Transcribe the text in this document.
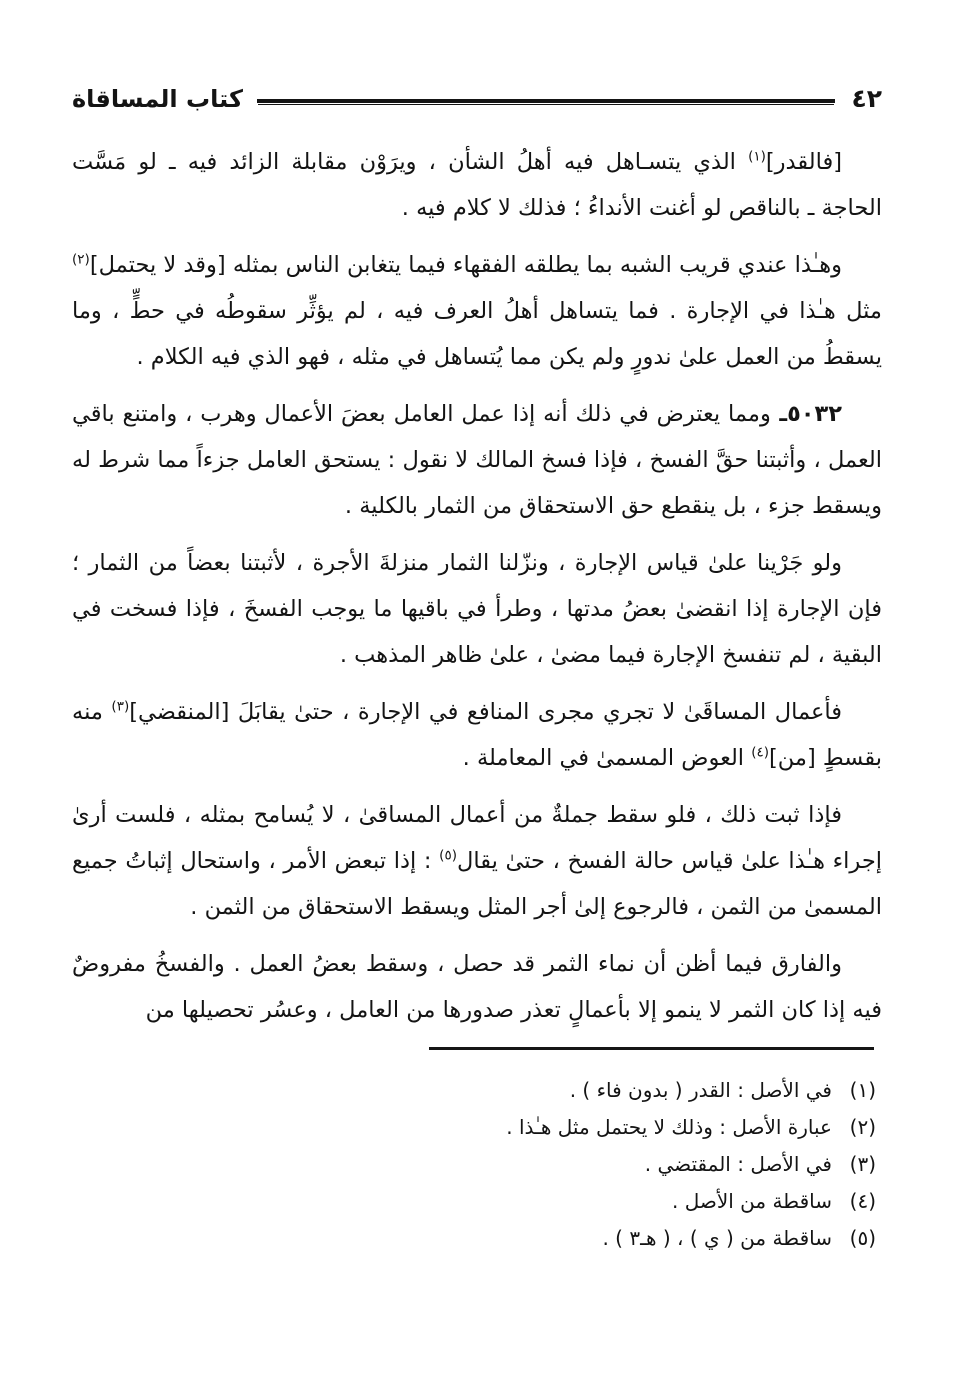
٤٢
كتاب المساقاة

[فالقدر]$^{(١)}$ الذي يتسـاهل فيه أهلُ الشأن ، ويرَوْن مقابلة الزائد فيه ـ لو مَسَّت الحاجة ـ بالناقص لو أغنت الأنداءُ ؛ فذلك لا كلام فيه .

وهـٰذا عندي قريب الشبه بما يطلقه الفقهاء فيما يتغابن الناس بمثله [وقد لا يحتمل]$^{(٢)}$ مثل هـٰذا في الإجارة . فما يتساهل أهلُ العرف فيه ، لم يؤثِّر سقوطُه في حطٍّ ، وما يسقطُ من العمل علىٰ ندورٍ ولم يكن مما يُتساهل في مثله ، فهو الذي فيه الكلام .

٥٠٣٢ـ ومما يعترض في ذلك أنه إذا عمل العامل بعضَ الأعمال وهرب ، وامتنع باقي العمل ، وأثبتنا حقَّ الفسخ ، فإذا فسخ المالك لا نقول : يستحق العامل جزءاً مما شرط له ويسقط جزء ، بل ينقطع حق الاستحقاق من الثمار بالكلية .

ولو جَرْينا علىٰ قياس الإجارة ، ونزّلنا الثمار منزلةَ الأجرة ، لأثبتنا بعضاً من الثمار ؛ فإن الإجارة إذا انقضىٰ بعضُ مدتها ، وطرأ في باقيها ما يوجب الفسخَ ، فإذا فسخت في البقية ، لم تنفسخ الإجارة فيما مضىٰ ، علىٰ ظاهر المذهب .

فأعمال المساقَىٰ لا تجري مجرى المنافع في الإجارة ، حتىٰ يقابَلَ [المنقضي]$^{(٣)}$ منه بقسطٍ [من]$^{(٤)}$ العوض المسمىٰ في المعاملة .

فإذا ثبت ذلك ، فلو سقط جملةٌ من أعمال المساقىٰ ، لا يُسامح بمثله ، فلست أرىٰ إجراء هـٰذا علىٰ قياس حالة الفسخ ، حتىٰ يقال$^{(٥)}$ : إذا تبعض الأمر ، واستحال إثباتُ جميع المسمىٰ من الثمن ، فالرجوع إلىٰ أجر المثل ويسقط الاستحقاق من الثمن .

والفارق فيما أظن أن نماء الثمر قد حصل ، وسقط بعضُ العمل . والفسخُ مفروضٌ فيه إذا كان الثمر لا ينمو إلا بأعمالٍ تعذر صدورها من العامل ، وعسُر تحصيلها من

(١)
في الأصل : القدر ( بدون فاء ) .
(٢)
عبارة الأصل : وذلك لا يحتمل مثل هـٰذا .
(٣)
في الأصل : المقتضي .
(٤)
ساقطة من الأصل .
(٥)
ساقطة من ( ي ) ، ( هـ٣ ) .
